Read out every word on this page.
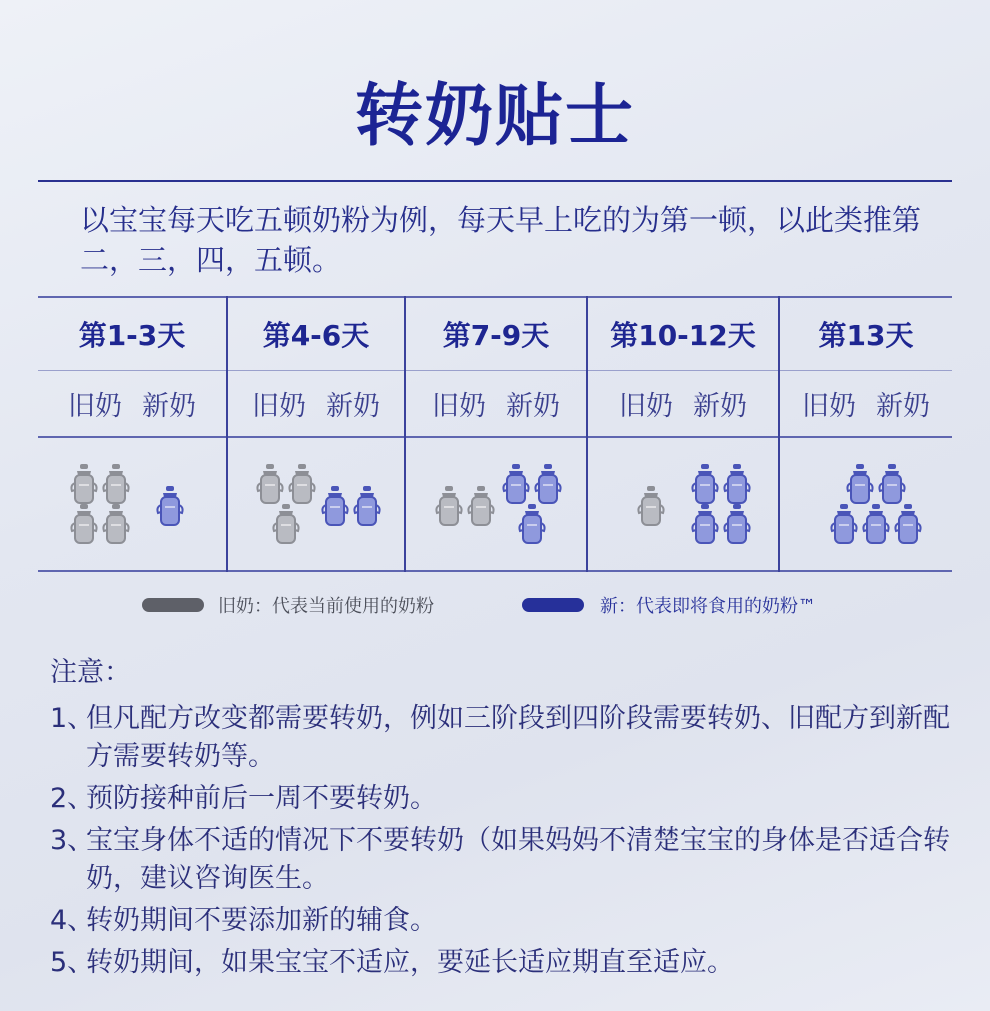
转奶贴士
以宝宝每天吃五顿奶粉为例，每天早上吃的为第一顿，以此类推第二，三，四，五顿。
第1-3天
旧奶 新奶
第4-6天
旧奶 新奶
第7-9天
旧奶 新奶
第10-12天
旧奶 新奶
第13天
旧奶 新奶
旧奶：代表当前使用的奶粉	新：代表即将食用的奶粉™
注意：
1、
但凡配方改变都需要转奶，例如三阶段到四阶段需要转奶、旧配方到新配方需要转奶等。
2、
预防接种前后一周不要转奶。
3、
宝宝身体不适的情况下不要转奶（如果妈妈不清楚宝宝的身体是否适合转奶，建议咨询医生。
4、
转奶期间不要添加新的辅食。
5、
转奶期间，如果宝宝不适应，要延长适应期直至适应。
